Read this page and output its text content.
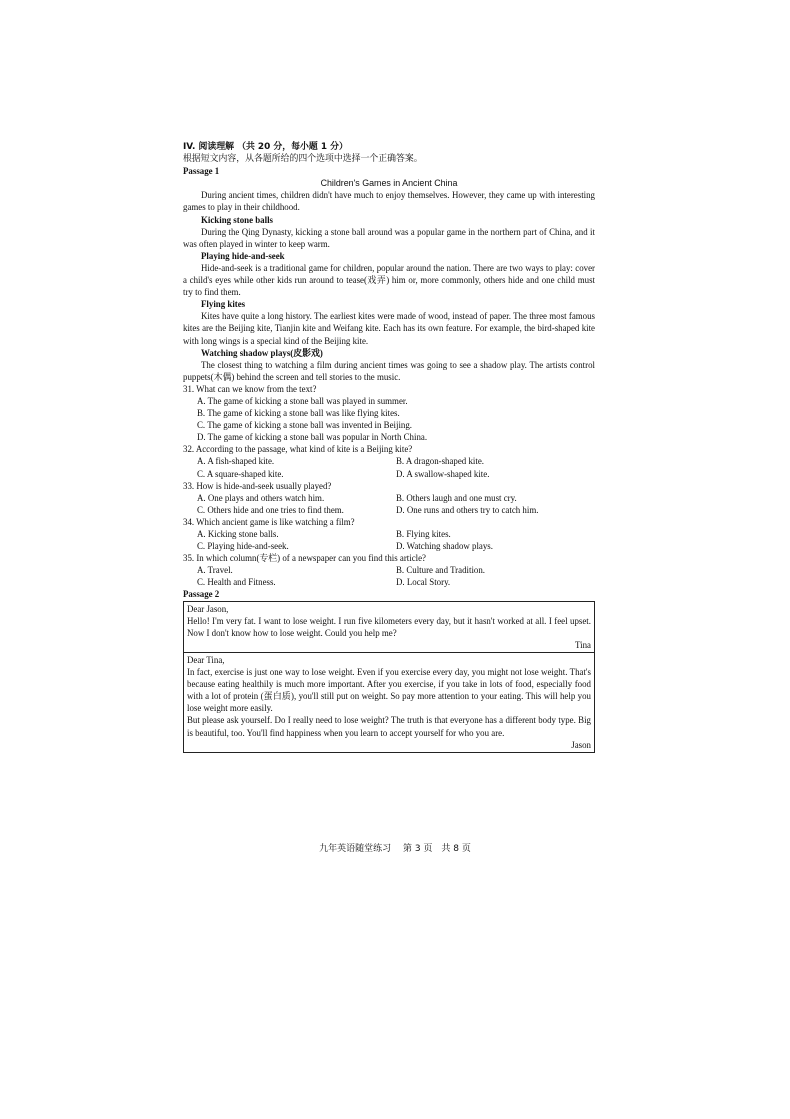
IV. 阅读理解 （共 20 分，每小题 1 分）
根据短文内容，从各题所给的四个选项中选择一个正确答案。
Passage 1
Children's Games in Ancient China
During ancient times, children didn't have much to enjoy themselves. However, they came up with interesting games to play in their childhood.
Kicking stone balls
During the Qing Dynasty, kicking a stone ball around was a popular game in the northern part of China, and it was often played in winter to keep warm.
Playing hide-and-seek
Hide-and-seek is a traditional game for children, popular around the nation. There are two ways to play: cover a child's eyes while other kids run around to tease(戏弄) him or, more commonly, others hide and one child must try to find them.
Flying kites
Kites have quite a long history. The earliest kites were made of wood, instead of paper. The three most famous kites are the Beijing kite, Tianjin kite and Weifang kite. Each has its own feature. For example, the bird-shaped kite with long wings is a special kind of the Beijing kite.
Watching shadow plays(皮影戏)
The closest thing to watching a film during ancient times was going to see a shadow play. The artists control puppets(木偶) behind the screen and tell stories to the music.
31. What can we know from the text?
A. The game of kicking a stone ball was played in summer.
B. The game of kicking a stone ball was like flying kites.
C. The game of kicking a stone ball was invented in Beijing.
D. The game of kicking a stone ball was popular in North China.
32. According to the passage, what kind of kite is a Beijing kite?
A. A fish-shaped kite.	B. A dragon-shaped kite.
C. A square-shaped kite.	D. A swallow-shaped kite.
33. How is hide-and-seek usually played?
A. One plays and others watch him.	B. Others laugh and one must cry.
C. Others hide and one tries to find them.	D. One runs and others try to catch him.
34. Which ancient game is like watching a film?
A. Kicking stone balls.	B. Flying kites.
C. Playing hide-and-seek.	D. Watching shadow plays.
35. In which column(专栏) of a newspaper can you find this article?
A. Travel.	B. Culture and Tradition.
C. Health and Fitness.	D. Local Story.
Passage 2
Dear Jason,
Hello! I'm very fat. I want to lose weight. I run five kilometers every day, but it hasn't worked at all. I feel upset. Now I don't know how to lose weight. Could you help me?
Tina
Dear Tina,
In fact, exercise is just one way to lose weight. Even if you exercise every day, you might not lose weight. That's because eating healthily is much more important. After you exercise, if you take in lots of food, especially food with a lot of protein (蛋白质), you'll still put on weight. So pay more attention to your eating. This will help you lose weight more easily.
But please ask yourself. Do I really need to lose weight? The truth is that everyone has a different body type. Big is beautiful, too. You'll find happiness when you learn to accept yourself for who you are.
Jason
九年英语随堂练习　 第 3 页　共 8 页
